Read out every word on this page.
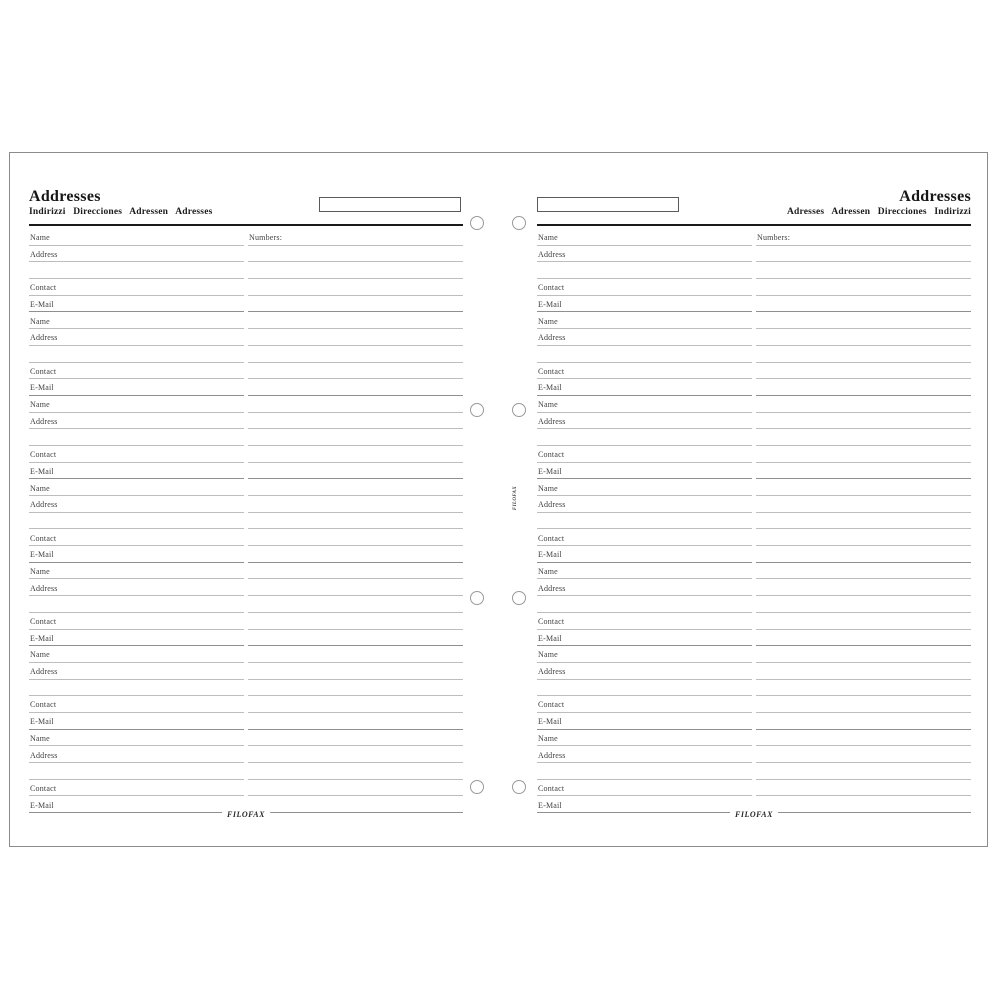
Addresses
Indirizzi Direcciones Adressen Adresses
Name
Address
Contact
E-Mail
Name
Address
Contact
E-Mail
Name
Address
Contact
E-Mail
Name
Address
Contact
E-Mail
Name
Address
Contact
E-Mail
Name
Address
Contact
E-Mail
Name
Address
Contact
E-Mail
Numbers:
filofax
Addresses
Adresses Adressen Direcciones Indirizzi
Name
Address
Contact
E-Mail
Name
Address
Contact
E-Mail
Name
Address
Contact
E-Mail
Name
Address
Contact
E-Mail
Name
Address
Contact
E-Mail
Name
Address
Contact
E-Mail
Name
Address
Contact
E-Mail
Numbers:
filofax
filofax
